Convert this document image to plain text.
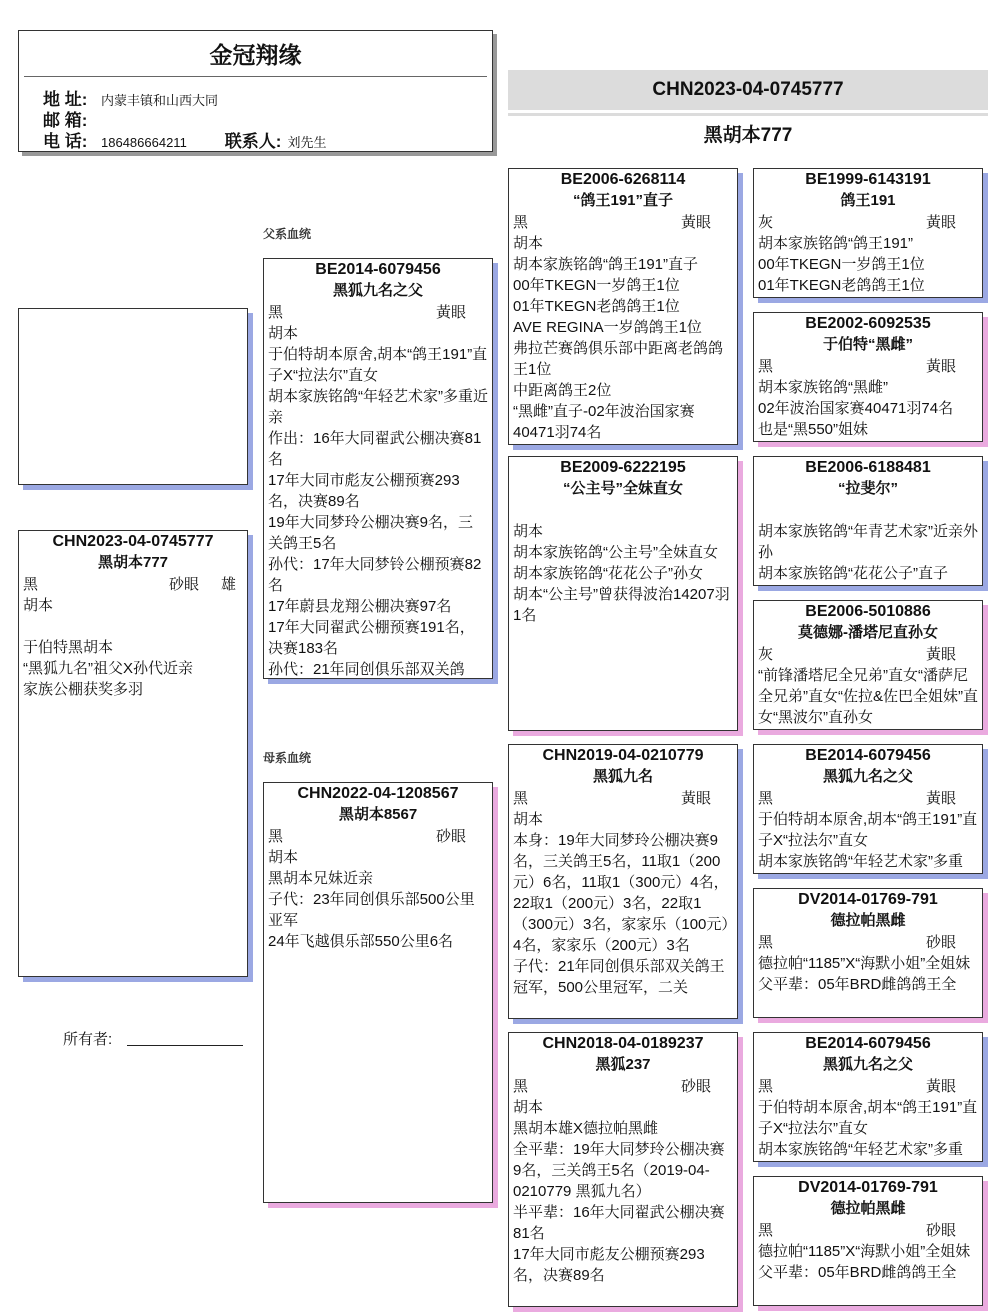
金冠翔缘
地 址:	内蒙丰镇和山西大同
邮 箱:
电 话:	186486664211 联系人: 刘先生
CHN2023-04-0745777
黑胡本777
父系血统
母系血统
所有者:
CHN2023-04-0745777
黑胡本777
黑	砂眼	雄
胡本
于伯特黑胡本
“黑狐九名”祖父X孙代近亲
家族公棚获奖多羽
BE2014-6079456
黑狐九名之父
黑	黃眼
胡本
于伯特胡本原舍,胡本“鸽王191”直子X“拉法尔”直女
胡本家族铭鸽“年轻艺术家”多重近亲
作出：16年大同翟武公棚决赛81名
17年大同市彪友公棚预赛293名，决赛89名
19年大同梦玲公棚决赛9名，三关鸽王5名
孙代：17年大同梦铃公棚预赛82名
17年蔚县龙翔公棚决赛97名
17年大同翟武公棚预赛191名，决赛183名
孙代：21年同创俱乐部双关鸽
CHN2022-04-1208567
黑胡本8567
黑	砂眼
胡本
黑胡本兄妹近亲
子代：23年同创俱乐部500公里亚军
24年飞越俱乐部550公里6名
BE2006-6268114
“鸽王191”直子
黑	黃眼
胡本
胡本家族铭鸽“鸽王191”直子
00年TKEGN一岁鸽王1位
01年TKEGN老鸽鸽王1位
AVE REGINA一岁鸽鸽王1位
弗拉芒赛鸽俱乐部中距离老鸽鸽王1位
中距离鸽王2位
“黑雌”直子-02年波治国家赛40471羽74名
BE2009-6222195
“公主号”全妹直女
胡本
胡本家族铭鸽“公主号”全妹直女
胡本家族铭鸽“花花公子”孙女
胡本“公主号”曾获得波治14207羽1名
CHN2019-04-0210779
黑狐九名
黑	黃眼
胡本
本身：19年大同梦玲公棚决赛9名，三关鸽王5名，11取1（200元）6名，11取1（300元）4名，22取1（200元）3名，22取1（300元）3名，家家乐（100元）4名，家家乐（200元）3名
子代：21年同创俱乐部双关鸽王冠军，500公里冠军，二关
CHN2018-04-0189237
黑狐237
黑	砂眼
胡本
黑胡本雄X德拉帕黑雌
全平辈：19年大同梦玲公棚决赛9名，三关鸽王5名（2019-04-0210779 黑狐九名）
半平辈：16年大同翟武公棚决赛81名
17年大同市彪友公棚预赛293名，决赛89名
BE1999-6143191
鸽王191
灰	黃眼
胡本家族铭鸽“鸽王191”
00年TKEGN一岁鸽王1位
01年TKEGN老鸽鸽王1位
BE2002-6092535
于伯特“黑雌”
黑	黃眼
胡本家族铭鸽“黑雌”
02年波治国家赛40471羽74名
也是“黑550”姐妹
BE2006-6188481
“拉斐尔”
胡本家族铭鸽“年青艺术家”近亲外孙
胡本家族铭鸽“花花公子”直子
BE2006-5010886
莫德娜-潘塔尼直孙女
灰	黃眼
“前锋潘塔尼全兄弟”直女“潘萨尼全兄弟”直女“佐拉&佐巴全姐妹”直女“黑波尔”直孙女
BE2014-6079456
黑狐九名之父
黑	黃眼
于伯特胡本原舍,胡本“鸽王191”直子X“拉法尔”直女
胡本家族铭鸽“年轻艺术家”多重
DV2014-01769-791
德拉帕黑雌
黑	砂眼
德拉帕“1185”X“海默小姐”全姐妹
父平辈：05年BRD雌鸽鸽王全
BE2014-6079456
黑狐九名之父
黑	黃眼
于伯特胡本原舍,胡本“鸽王191”直子X“拉法尔”直女
胡本家族铭鸽“年轻艺术家”多重
DV2014-01769-791
德拉帕黑雌
黑	砂眼
德拉帕“1185”X“海默小姐”全姐妹
父平辈：05年BRD雌鸽鸽王全
